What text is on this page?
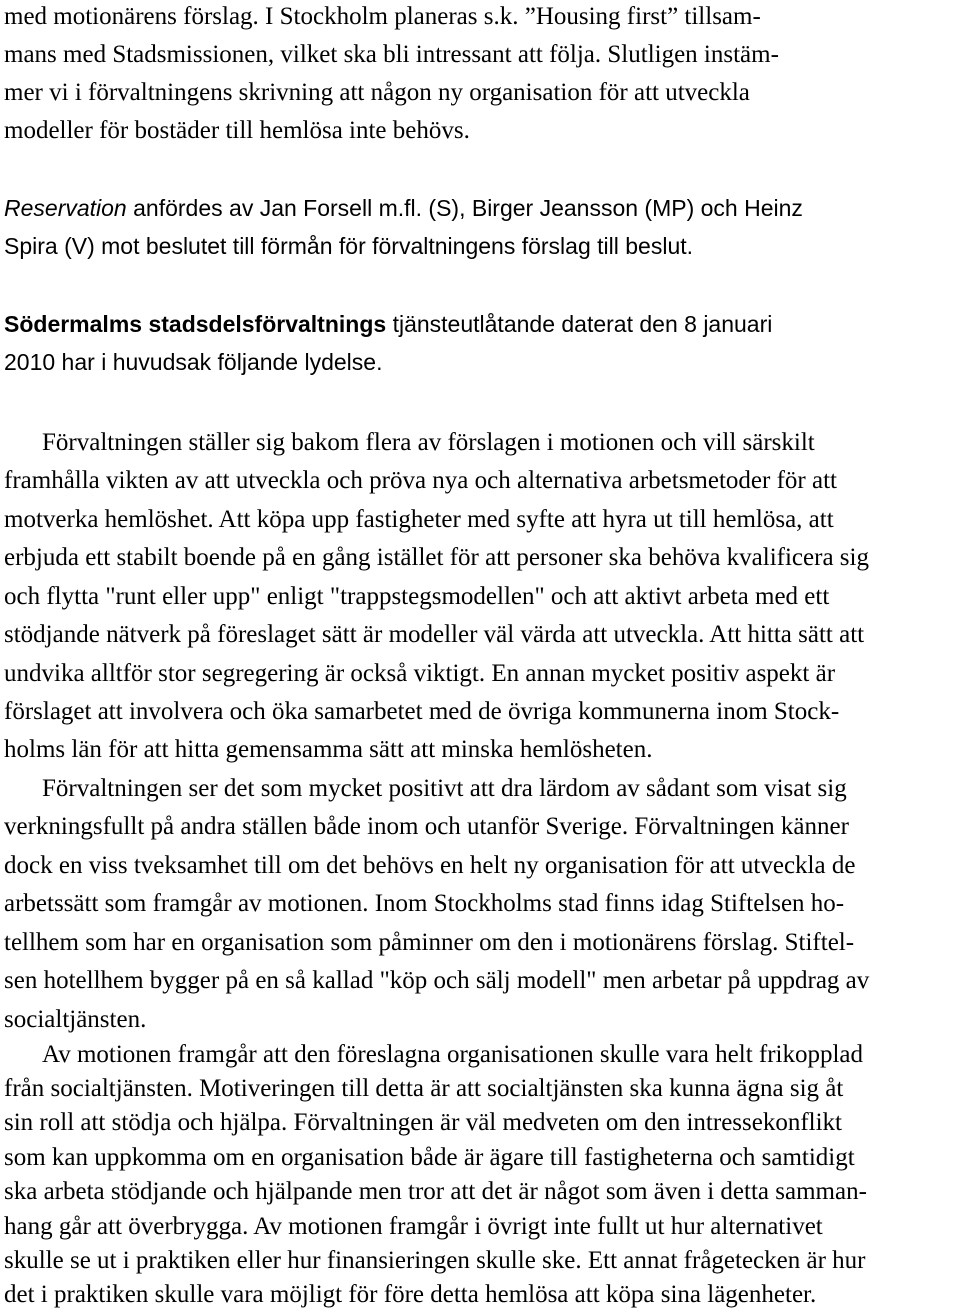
med motionärens förslag. I Stockholm planeras s.k. ”Housing first” tillsam-
mans med Stadsmissionen, vilket ska bli intressant att följa. Slutligen instäm-
mer vi i förvaltningens skrivning att någon ny organisation för att utveckla
modeller för bostäder till hemlösa inte behövs.
Reservation anfördes av Jan Forsell m.fl. (S), Birger Jeansson (MP) och Heinz
Spira (V) mot beslutet till förmån för förvaltningens förslag till beslut.
Södermalms stadsdelsförvaltnings tjänsteutlåtande daterat den 8 januari
2010 har i huvudsak följande lydelse.
Förvaltningen ställer sig bakom flera av förslagen i motionen och vill särskilt
framhålla vikten av att utveckla och pröva nya och alternativa arbetsmetoder för att
motverka hemlöshet. Att köpa upp fastigheter med syfte att hyra ut till hemlösa, att
erbjuda ett stabilt boende på en gång istället för att personer ska behöva kvalificera sig
och flytta "runt eller upp" enligt "trappstegsmodellen" och att aktivt arbeta med ett
stödjande nätverk på föreslaget sätt är modeller väl värda att utveckla. Att hitta sätt att
undvika alltför stor segregering är också viktigt. En annan mycket positiv aspekt är
förslaget att involvera och öka samarbetet med de övriga kommunerna inom Stock-
holms län för att hitta gemensamma sätt att minska hemlösheten.
Förvaltningen ser det som mycket positivt att dra lärdom av sådant som visat sig
verkningsfullt på andra ställen både inom och utanför Sverige. Förvaltningen känner
dock en viss tveksamhet till om det behövs en helt ny organisation för att utveckla de
arbetssätt som framgår av motionen. Inom Stockholms stad finns idag Stiftelsen ho-
tellhem som har en organisation som påminner om den i motionärens förslag. Stiftel-
sen hotellhem bygger på en så kallad "köp och sälj modell" men arbetar på uppdrag av
socialtjänsten.
Av motionen framgår att den föreslagna organisationen skulle vara helt frikopplad
från socialtjänsten. Motiveringen till detta är att socialtjänsten ska kunna ägna sig åt
sin roll att stödja och hjälpa. Förvaltningen är väl medveten om den intressekonflikt
som kan uppkomma om en organisation både är ägare till fastigheterna och samtidigt
ska arbeta stödjande och hjälpande men tror att det är något som även i detta samman-
hang går att överbrygga. Av motionen framgår i övrigt inte fullt ut hur alternativet
skulle se ut i praktiken eller hur finansieringen skulle ske. Ett annat frågetecken är hur
det i praktiken skulle vara möjligt för före detta hemlösa att köpa sina lägenheter.
